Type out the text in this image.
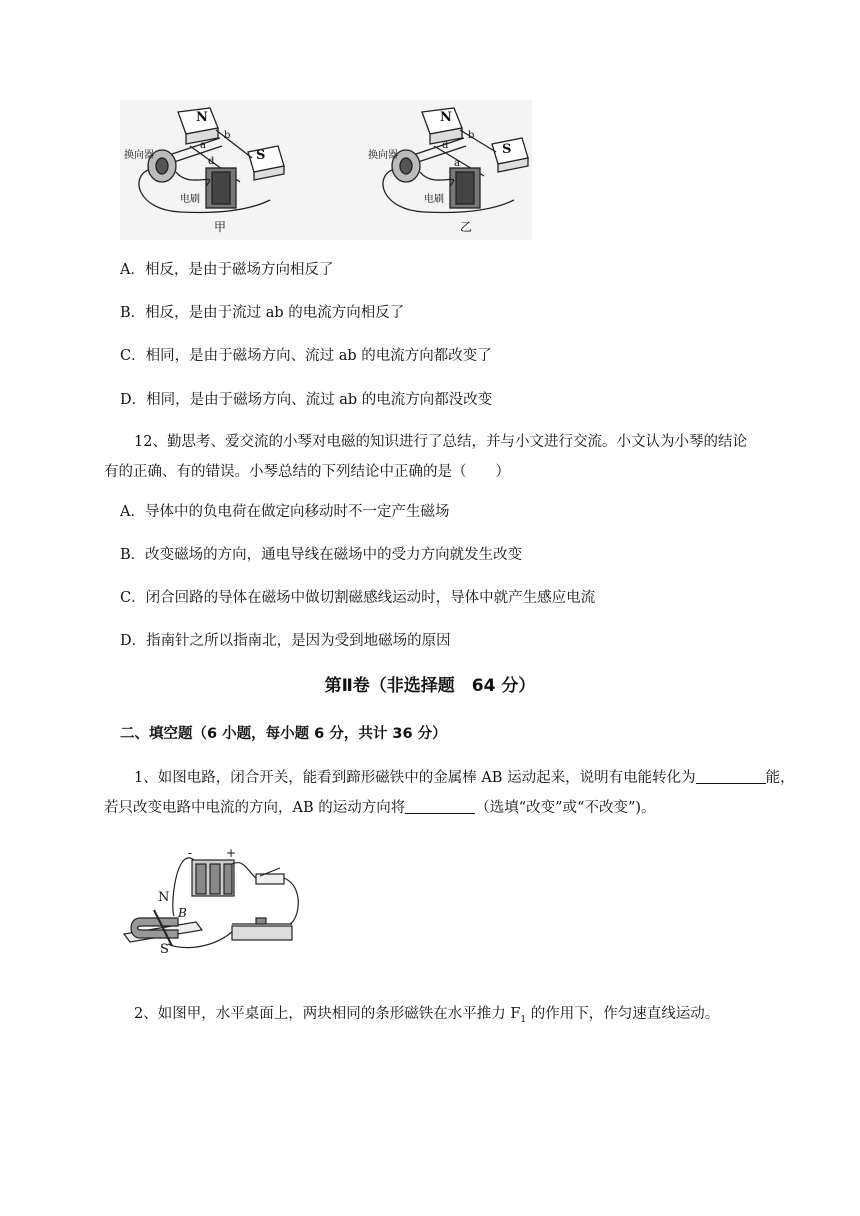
N
S
b
a
d
换向器
电刷
甲
N
S
b
d
a
换向器
电刷
乙
A．相反，是由于磁场方向相反了
B．相反，是由于流过 ab 的电流方向相反了
C．相同，是由于磁场方向、流过 ab 的电流方向都改变了
D．相同，是由于磁场方向、流过 ab 的电流方向都没改变
12、勤思考、爱交流的小琴对电磁的知识进行了总结，并与小文进行交流。小文认为小琴的结论
有的正确、有的错误。小琴总结的下列结论中正确的是（　　）
A．导体中的负电荷在做定向移动时不一定产生磁场
B．改变磁场的方向，通电导线在磁场中的受力方向就发生改变
C．闭合回路的导体在磁场中做切割磁感线运动时，导体中就产生感应电流
D．指南针之所以指南北，是因为受到地磁场的原因
第Ⅱ卷（非选择题　64 分）
二、填空题（6 小题，每小题 6 分，共计 36 分）
1、如图电路，闭合开关，能看到蹄形磁铁中的金属棒 AB 运动起来，说明有电能转化为	能，
若只改变电路中电流的方向，AB 的运动方向将	（选填“改变”或“不改变”)。
N
S
B
-	+
2、如图甲，水平桌面上，两块相同的条形磁铁在水平推力 $F_1$ 的作用下，作匀速直线运动。
